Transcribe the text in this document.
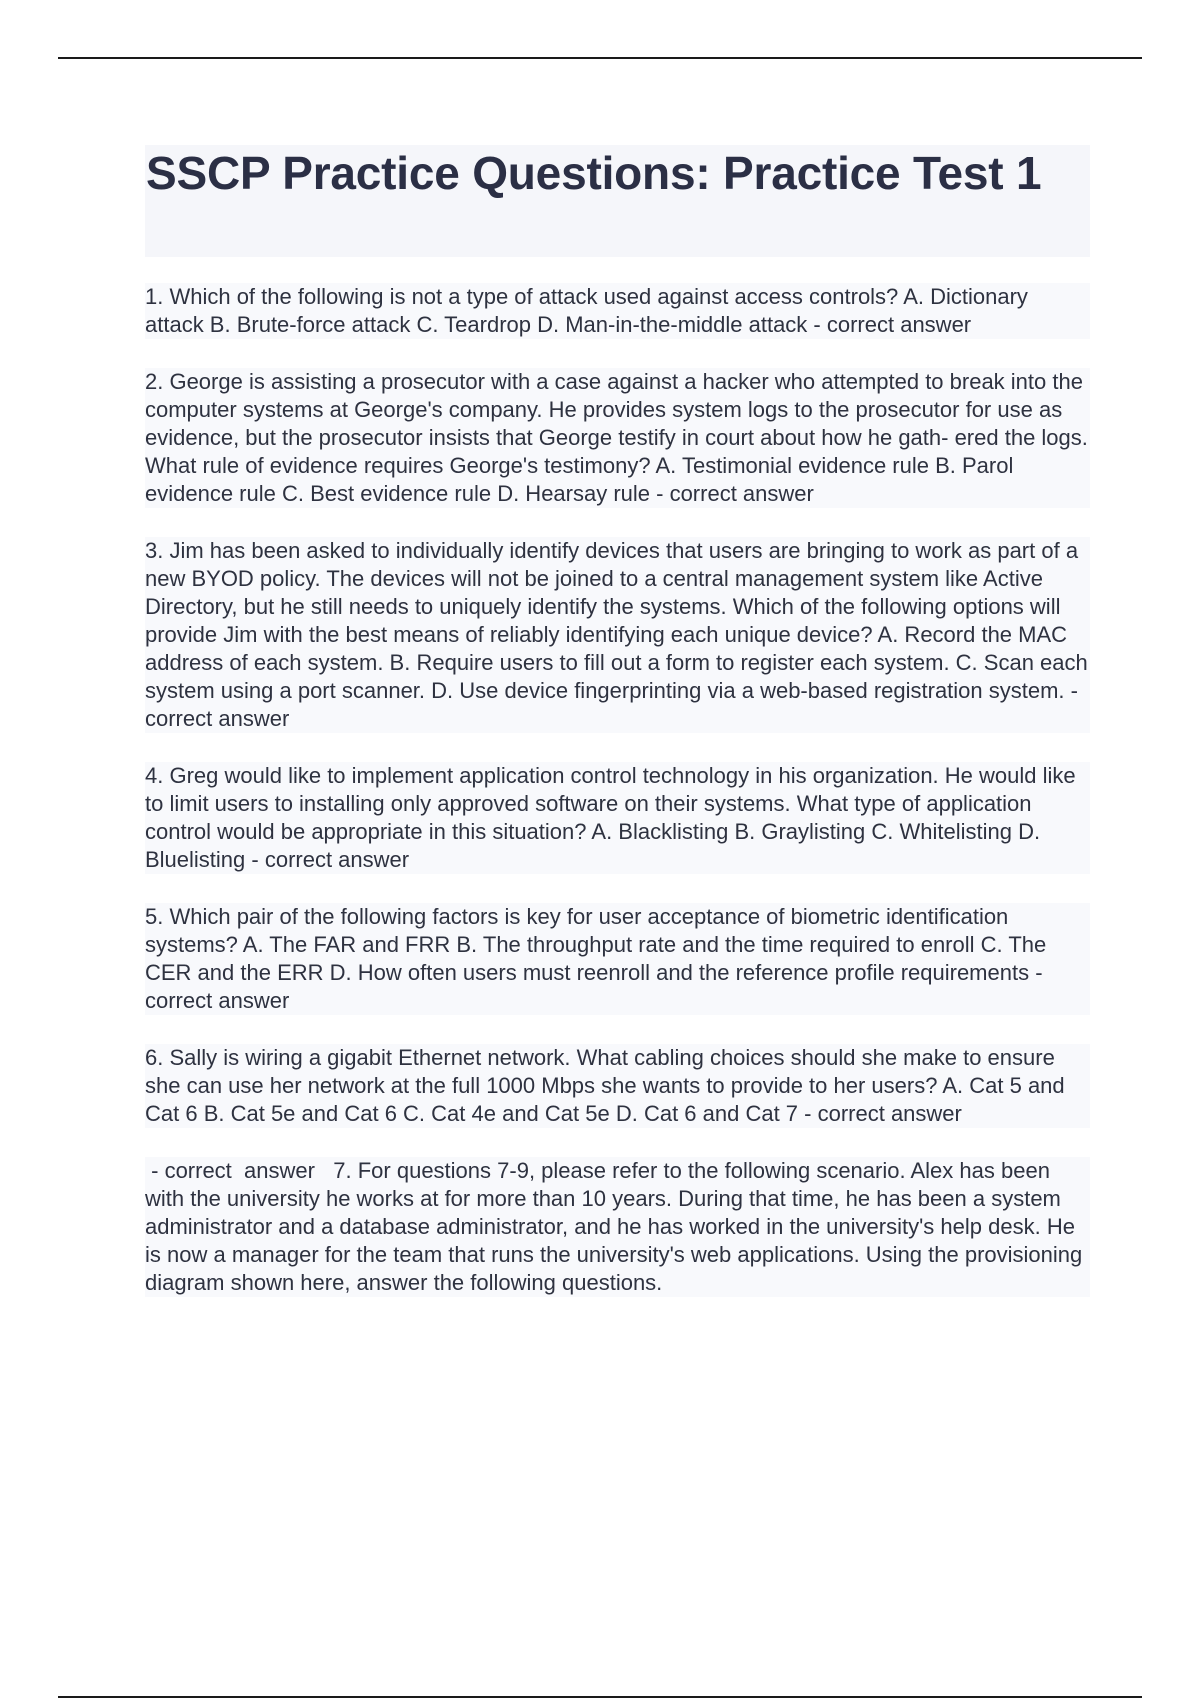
SSCP Practice Questions: Practice Test 1

1. Which of the following is not a type of attack used against access controls? A. Dictionary attack B. Brute-force attack C. Teardrop D. Man-in-the-middle attack - correct answer

2. George is assisting a prosecutor with a case against a hacker who attempted to break into the computer systems at George's company. He provides system logs to the prosecutor for use as evidence, but the prosecutor insists that George testify in court about how he gath- ered the logs. What rule of evidence requires George's testimony? A. Testimonial evidence rule B. Parol evidence rule C. Best evidence rule D. Hearsay rule - correct answer

3. Jim has been asked to individually identify devices that users are bringing to work as part of a new BYOD policy. The devices will not be joined to a central management system like Active Directory, but he still needs to uniquely identify the systems. Which of the following options will provide Jim with the best means of reliably identifying each unique device? A. Record the MAC address of each system. B. Require users to fill out a form to register each system. C. Scan each system using a port scanner. D. Use device fingerprinting via a web-based registration system. - correct answer

4. Greg would like to implement application control technology in his organization. He would like to limit users to installing only approved software on their systems. What type of application control would be appropriate in this situation? A. Blacklisting B. Graylisting C. Whitelisting D. Bluelisting - correct answer

5. Which pair of the following factors is key for user acceptance of biometric identification systems? A. The FAR and FRR B. The throughput rate and the time required to enroll C. The CER and the ERR D. How often users must reenroll and the reference profile requirements - correct answer

6. Sally is wiring a gigabit Ethernet network. What cabling choices should she make to ensure she can use her network at the full 1000 Mbps she wants to provide to her users? A. Cat 5 and Cat 6 B. Cat 5e and Cat 6 C. Cat 4e and Cat 5e D. Cat 6 and Cat 7 - correct answer

- correct  answer   7. For questions 7-9, please refer to the following scenario. Alex has been with the university he works at for more than 10 years. During that time, he has been a system administrator and a database administrator, and he has worked in the university's help desk. He is now a manager for the team that runs the university's web applications. Using the provisioning diagram shown here, answer the following questions.
